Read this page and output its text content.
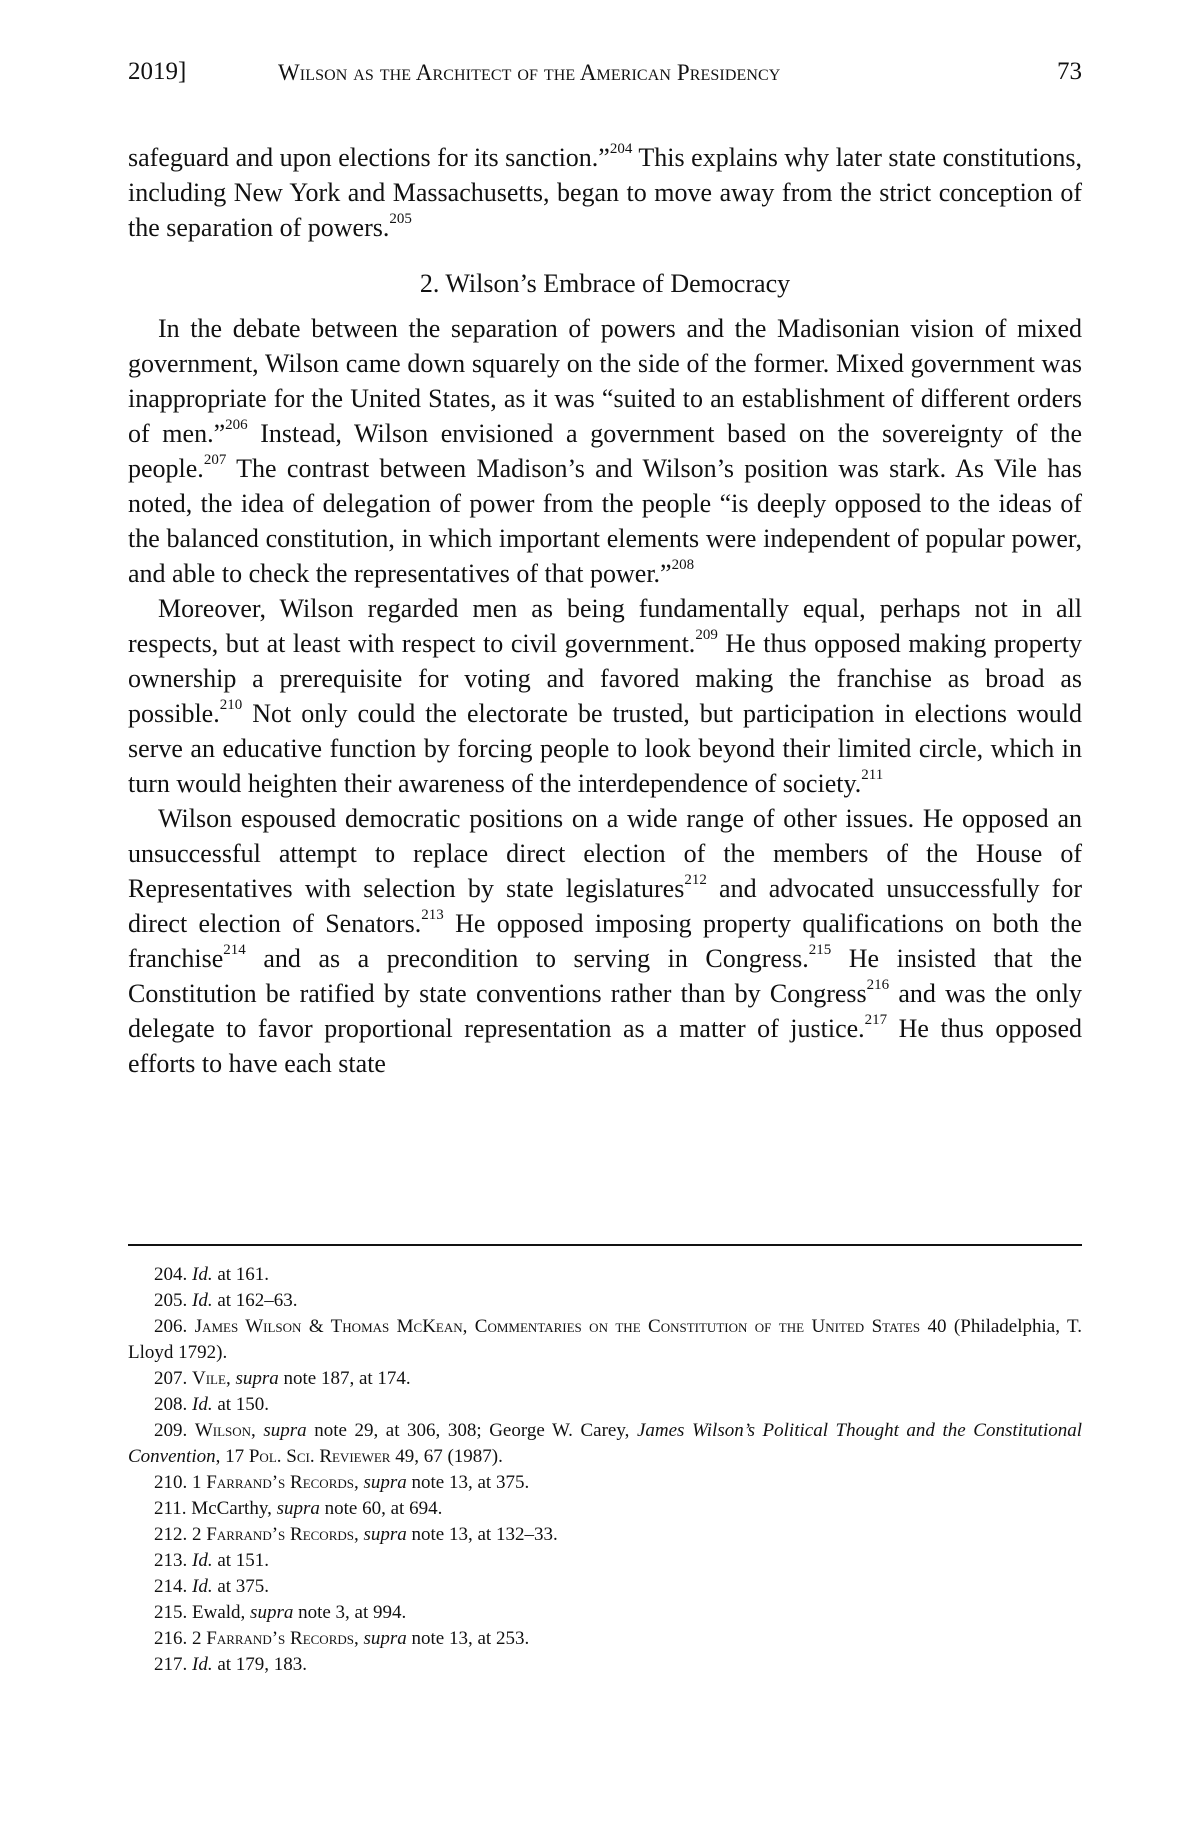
2019]	Wilson as the Architect of the American Presidency	73

safeguard and upon elections for its sanction.”$^{204}$ This explains why later state constitutions, including New York and Massachusetts, began to move away from the strict conception of the separation of powers.$^{205}$

2. Wilson’s Embrace of Democracy

In the debate between the separation of powers and the Madisonian vision of mixed government, Wilson came down squarely on the side of the former. Mixed government was inappropriate for the United States, as it was “suited to an establishment of different orders of men.”$^{206}$ Instead, Wilson envisioned a government based on the sovereignty of the people.$^{207}$ The contrast between Madison’s and Wilson’s position was stark. As Vile has noted, the idea of delegation of power from the people “is deeply opposed to the ideas of the balanced constitution, in which important elements were independent of popular power, and able to check the representatives of that power.”$^{208}$

Moreover, Wilson regarded men as being fundamentally equal, perhaps not in all respects, but at least with respect to civil government.$^{209}$ He thus opposed making property ownership a prerequisite for voting and favored making the franchise as broad as possible.$^{210}$ Not only could the electorate be trusted, but participation in elections would serve an educative function by forcing people to look beyond their limited circle, which in turn would heighten their awareness of the interdependence of society.$^{211}$

Wilson espoused democratic positions on a wide range of other issues. He opposed an unsuccessful attempt to replace direct election of the members of the House of Representatives with selection by state legislatures$^{212}$ and advocated unsuccessfully for direct election of Senators.$^{213}$ He opposed imposing property qualifications on both the franchise$^{214}$ and as a precondition to serving in Congress.$^{215}$ He insisted that the Constitution be ratified by state conventions rather than by Congress$^{216}$ and was the only delegate to favor proportional representation as a matter of justice.$^{217}$ He thus opposed efforts to have each state

204. Id. at 161.

205. Id. at 162–63.

206. James Wilson & Thomas McKean, Commentaries on the Constitution of the United States 40 (Philadelphia, T. Lloyd 1792).

207. Vile, supra note 187, at 174.

208. Id. at 150.

209. Wilson, supra note 29, at 306, 308; George W. Carey, James Wilson’s Political Thought and the Constitutional Convention, 17 Pol. Sci. Reviewer 49, 67 (1987).

210. 1 Farrand’s Records, supra note 13, at 375.

211. McCarthy, supra note 60, at 694.

212. 2 Farrand’s Records, supra note 13, at 132–33.

213. Id. at 151.

214. Id. at 375.

215. Ewald, supra note 3, at 994.

216. 2 Farrand’s Records, supra note 13, at 253.

217. Id. at 179, 183.
